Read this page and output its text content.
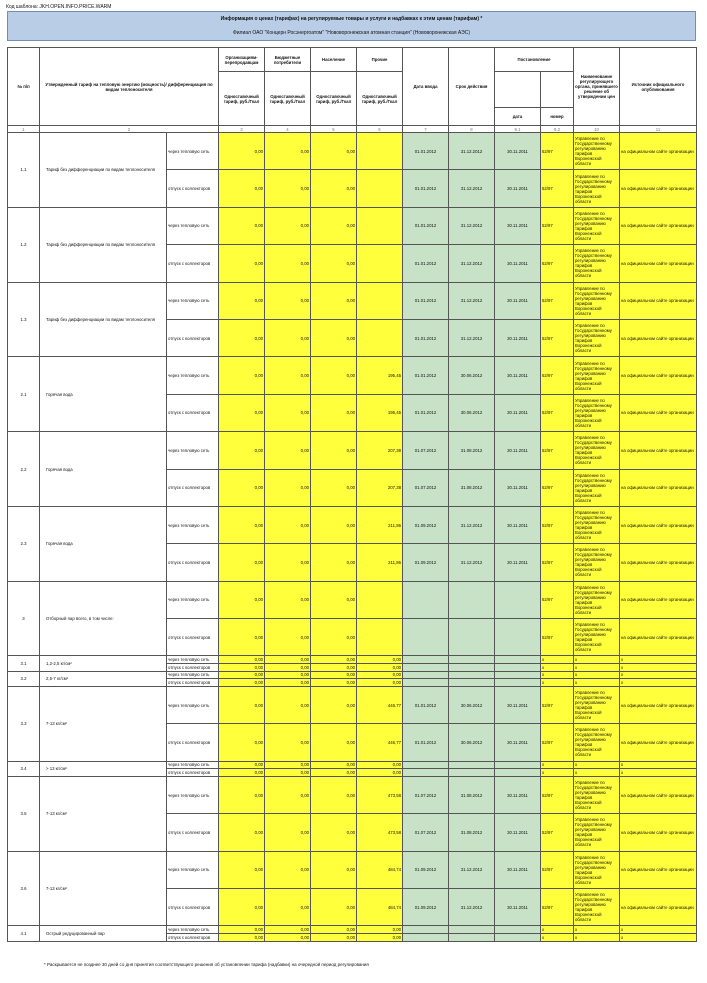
Код шаблона: JKH.OPEN.INFO.PRICE.WARM
Информация о ценах (тарифах) на регулируемые товары и услуги и надбавках к этим ценам (тарифам) *
Филиал ОАО "Концерн Росэнергоатом" "Нововоронежская атомная станция" (Нововоронежская АЭС)
№ п/п	Утвержденный тариф на тепловую энергию (мощность)/ дифференциация по видам теплоносителя		Организациям-перепродавцам	Бюджетные потребители	Население	Прочие	Дата ввода	Срок действия	Постановление		Наименование регулирующего органа, принявшего решение об утверждении цен	Источник официального опубликования
			Одноставочный тариф, руб./Гкал	Одноставочный тариф, руб./Гкал	Одноставочный тариф, руб./Гкал	Одноставочный тариф, руб./Гкал						
									дата	номер		
1	2		3	4	5	6	7	8	9.1	9.2	10	11
1.1	Тариф без дифференциации по видам теплоносителя	через тепловую сеть	0,00	0,00	0,00		01.01.2012	31.12.2012	30.11.2011	52/97	Управление по Государственному регулированию тарифов Воронежской области	на официальном сайте организации
		отпуск с коллекторов	0,00	0,00	0,00		01.01.2012	31.12.2012	30.11.2011	52/97	Управление по Государственному регулированию тарифов Воронежской области	на официальном сайте организации
1.2	Тариф без дифференциации по видам теплоносителя	через тепловую сеть	0,00	0,00	0,00		01.01.2012	31.12.2012	30.11.2011	52/97	Управление по Государственному регулированию тарифов Воронежской области	на официальном сайте организации
		отпуск с коллекторов	0,00	0,00	0,00		01.01.2012	31.12.2012	30.11.2011	52/97	Управление по Государственному регулированию тарифов Воронежской области	на официальном сайте организации
1.3	Тариф без дифференциации по видам теплоносителя	через тепловую сеть	0,00	0,00	0,00		01.01.2012	31.12.2012	30.11.2011	52/97	Управление по Государственному регулированию тарифов Воронежской области	на официальном сайте организации
		отпуск с коллекторов	0,00	0,00	0,00		01.01.2012	31.12.2012	30.11.2011	52/97	Управление по Государственному регулированию тарифов Воронежской области	на официальном сайте организации
2.1	Горячая вода	через тепловую сеть	0,00	0,00	0,00	195,45	01.01.2012	30.06.2012	30.11.2011	52/97	Управление по Государственному регулированию тарифов Воронежской области	на официальном сайте организации
		отпуск с коллекторов	0,00	0,00	0,00	195,45	01.01.2012	30.06.2012	30.11.2011	52/97	Управление по Государственному регулированию тарифов Воронежской области	на официальном сайте организации
2.2	Горячая вода	через тепловую сеть	0,00	0,00	0,00	207,38	01.07.2012	31.08.2012	30.11.2011	52/97	Управление по Государственному регулированию тарифов Воронежской области	на официальном сайте организации
		отпуск с коллекторов	0,00	0,00	0,00	207,38	01.07.2012	31.08.2012	30.11.2011	52/97	Управление по Государственному регулированию тарифов Воронежской области	на официальном сайте организации
2.3	Горячая вода	через тепловую сеть	0,00	0,00	0,00	211,86	01.09.2012	31.12.2012	30.11.2011	52/97	Управление по Государственному регулированию тарифов Воронежской области	на официальном сайте организации
		отпуск с коллекторов	0,00	0,00	0,00	211,86	01.09.2012	31.12.2012	30.11.2011	52/97	Управление по Государственному регулированию тарифов Воронежской области	на официальном сайте организации
3	Отборный пар всего, в том числе:	через тепловую сеть	0,00	0,00	0,00					52/97	Управление по Государственному регулированию тарифов Воронежской области	на официальном сайте организации
		отпуск с коллекторов	0,00	0,00	0,00					52/97	Управление по Государственному регулированию тарифов Воронежской области	на официальном сайте организации
3.1	1,2-2,5 кг/см²	через тепловую сеть	0,00	0,00	0,00	0,00				x	x	x
		отпуск с коллекторов	0,00	0,00	0,00	0,00				x	x	x
3.2	2,5-7 кг/см²	через тепловую сеть	0,00	0,00	0,00	0,00				x	x	x
		отпуск с коллекторов	0,00	0,00	0,00	0,00				x	x	x
3.3	7-13 кг/см²	через тепловую сеть	0,00	0,00	0,00	446,77	01.01.2012	30.06.2012	30.11.2011	52/97	Управление по Государственному регулированию тарифов Воронежской области	на официальном сайте организации
		отпуск с коллекторов	0,00	0,00	0,00	446,77	01.01.2012	30.06.2012	30.11.2011	52/97	Управление по Государственному регулированию тарифов Воронежской области	на официальном сайте организации
3.4	> 13 кг/см²	через тепловую сеть	0,00	0,00	0,00	0,00				x	x	x
		отпуск с коллекторов	0,00	0,00	0,00	0,00				x	x	x
3.5	7-13 кг/см²	через тепловую сеть	0,00	0,00	0,00	473,58	01.07.2012	31.08.2012	30.11.2011	52/97	Управление по Государственному регулированию тарифов Воронежской области	на официальном сайте организации
		отпуск с коллекторов	0,00	0,00	0,00	473,58	01.07.2012	31.08.2012	30.11.2011	52/97	Управление по Государственному регулированию тарифов Воронежской области	на официальном сайте организации
3.6	7-13 кг/см²	через тепловую сеть	0,00	0,00	0,00	484,74	01.09.2012	31.12.2012	30.11.2011	52/97	Управление по Государственному регулированию тарифов Воронежской области	на официальном сайте организации
		отпуск с коллекторов	0,00	0,00	0,00	484,74	01.09.2012	31.12.2012	30.11.2011	52/97	Управление по Государственному регулированию тарифов Воронежской области	на официальном сайте организации
4.1	Острый редуцированный пар	через тепловую сеть	0,00	0,00	0,00	0,00				x	x	x
		отпуск с коллекторов	0,00	0,00	0,00	0,00				x	x	x
* Раскрывается не позднее 30 дней со дня принятия соответствующего решения об установлении тарифа (надбавки) на очередной период регулирования
